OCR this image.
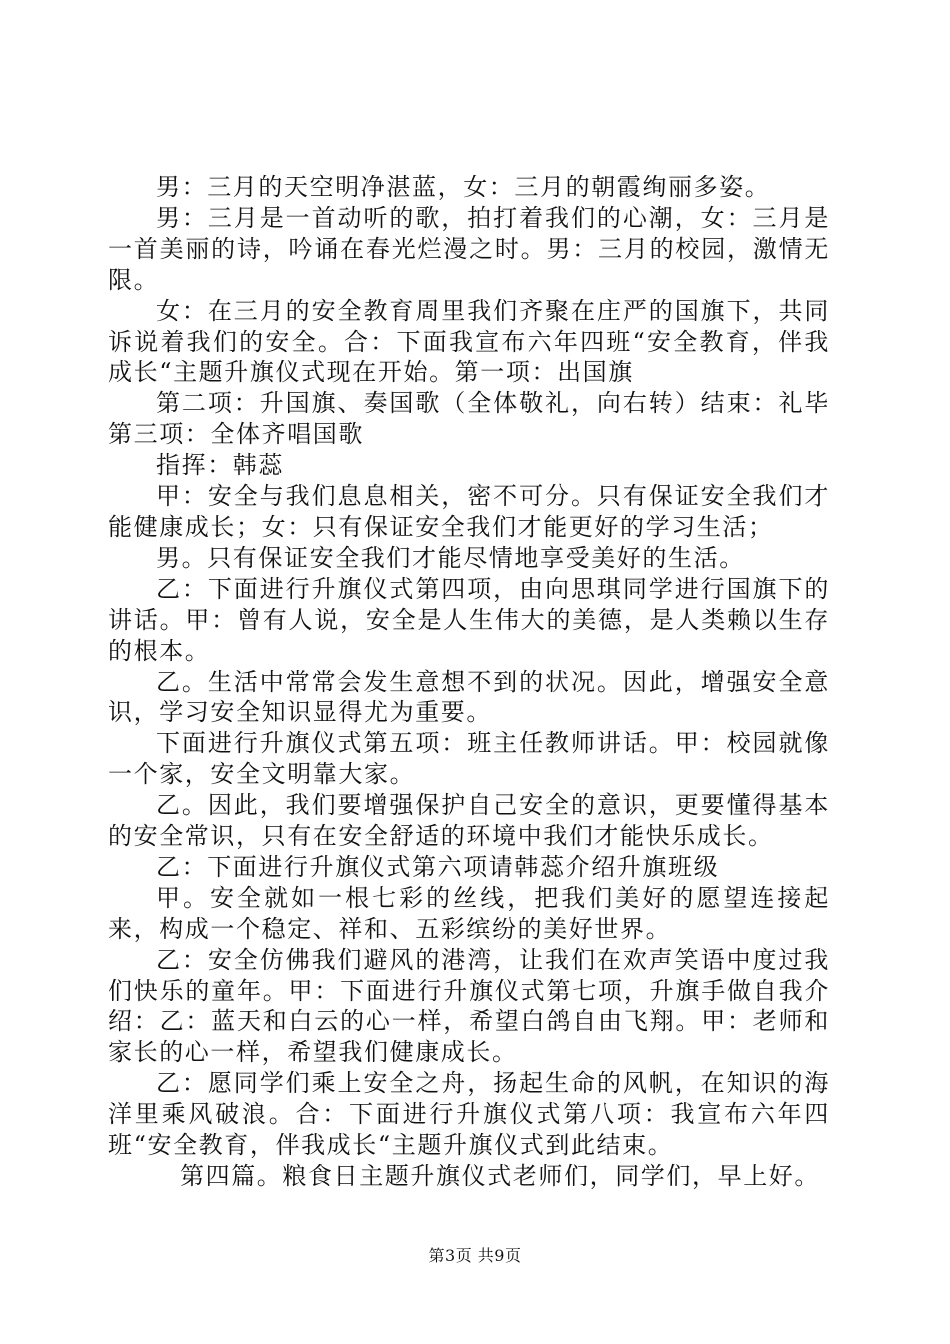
男：三月的天空明净湛蓝，女：三月的朝霞绚丽多姿。

男：三月是一首动听的歌，拍打着我们的心潮，女：三月是一首美丽的诗，吟诵在春光烂漫之时。男：三月的校园，激情无限。

女：在三月的安全教育周里我们齐聚在庄严的国旗下，共同诉说着我们的安全。合：下面我宣布六年四班“安全教育，伴我成长“主题升旗仪式现在开始。第一项：出国旗

第二项：升国旗、奏国歌（全体敬礼，向右转）结束：礼毕第三项：全体齐唱国歌

指挥：韩蕊

甲：安全与我们息息相关，密不可分。只有保证安全我们才能健康成长；女：只有保证安全我们才能更好的学习生活；

男。只有保证安全我们才能尽情地享受美好的生活。

乙：下面进行升旗仪式第四项，由向思琪同学进行国旗下的讲话。甲：曾有人说，安全是人生伟大的美德，是人类赖以生存的根本。

乙。生活中常常会发生意想不到的状况。因此，增强安全意识，学习安全知识显得尤为重要。

下面进行升旗仪式第五项：班主任教师讲话。甲：校园就像一个家，安全文明靠大家。

乙。因此，我们要增强保护自己安全的意识，更要懂得基本的安全常识，只有在安全舒适的环境中我们才能快乐成长。

乙：下面进行升旗仪式第六项请韩蕊介绍升旗班级

甲。安全就如一根七彩的丝线，把我们美好的愿望连接起来，构成一个稳定、祥和、五彩缤纷的美好世界。

乙：安全仿佛我们避风的港湾，让我们在欢声笑语中度过我们快乐的童年。甲：下面进行升旗仪式第七项，升旗手做自我介绍：乙：蓝天和白云的心一样，希望白鸽自由飞翔。甲：老师和家长的心一样，希望我们健康成长。

乙：愿同学们乘上安全之舟，扬起生命的风帆，在知识的海洋里乘风破浪。合：下面进行升旗仪式第八项：我宣布六年四班“安全教育，伴我成长“主题升旗仪式到此结束。

第四篇。粮食日主题升旗仪式老师们，同学们，早上好。

第3页 共9页
